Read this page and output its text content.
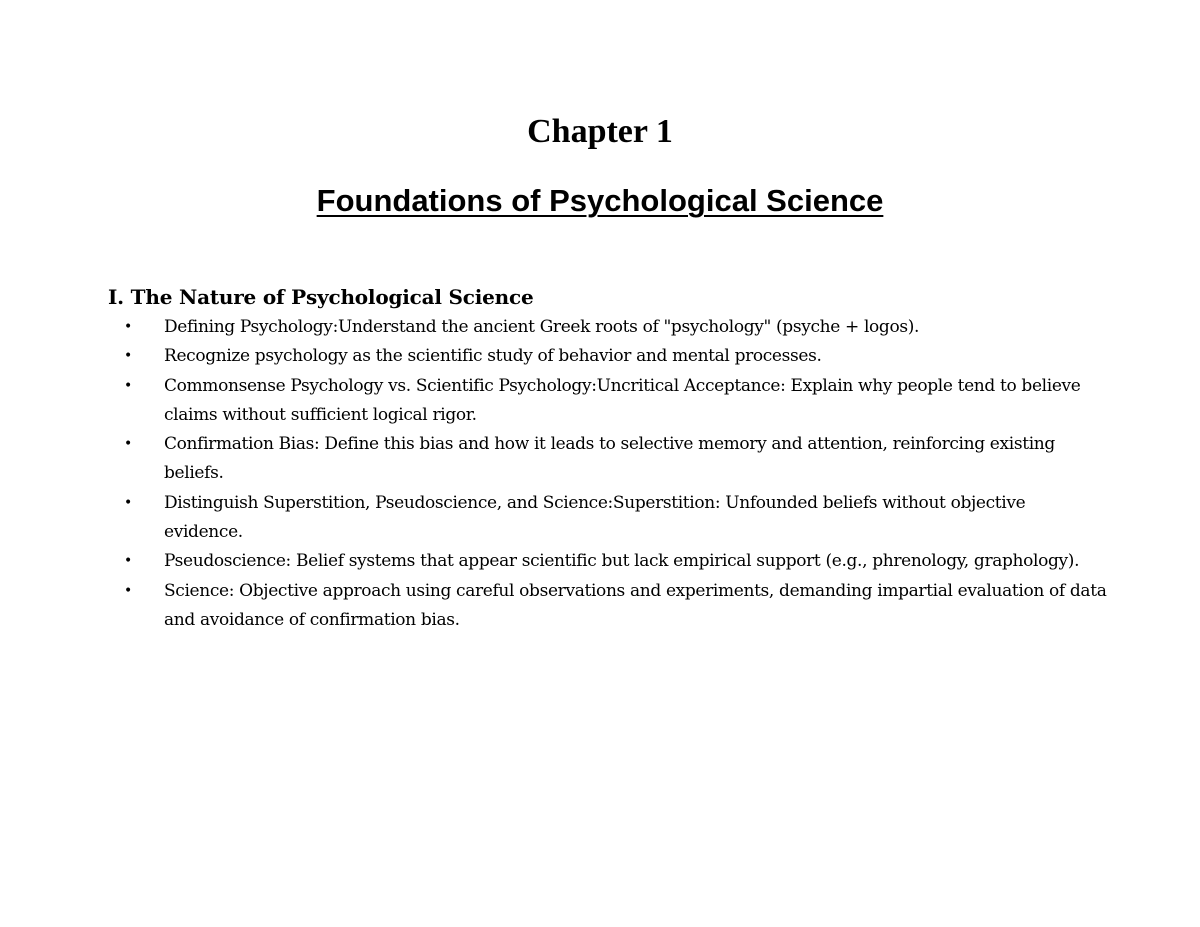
Chapter 1
Foundations of Psychological Science
I. The Nature of Psychological Science
• Defining Psychology:Understand the ancient Greek roots of "psychology" (psyche + logos).
• Recognize psychology as the scientific study of behavior and mental processes.
• Commonsense Psychology vs. Scientific Psychology:Uncritical Acceptance: Explain why people tend to believe claims without sufficient logical rigor.
• Confirmation Bias: Define this bias and how it leads to selective memory and attention, reinforcing existing beliefs.
• Distinguish Superstition, Pseudoscience, and Science:Superstition: Unfounded beliefs without objective evidence.
• Pseudoscience: Belief systems that appear scientific but lack empirical support (e.g., phrenology, graphology).
• Science: Objective approach using careful observations and experiments, demanding impartial evaluation of data and avoidance of confirmation bias.
